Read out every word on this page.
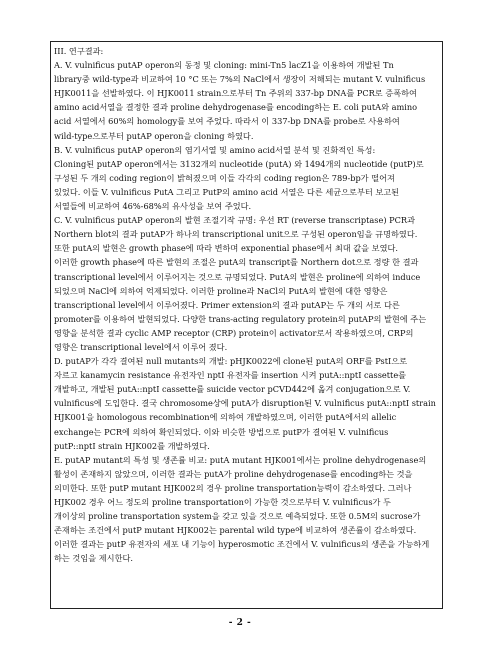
III. 연구결과:
A. V. vulnificus putAP operon의 동정 및 cloning: mini-Tn5 lacZ1을 이용하여 개발된 Tn
library중 wild-type과 비교하여 10 °C 또는 7%의 NaCl에서 생장이 저해되는 mutant V. vulnificus
HJK0011을 선발하였다. 이 HJK0011 strain으로부터 Tn 주위의 337-bp DNA를 PCR로 증폭하여
amino acid서열을 결정한 결과 proline dehydrogenase를 encoding하는 E. coli putA와 amino
acid 서열에서 60%의 homology를 보여 주었다. 따라서 이 337-bp DNA를 probe로 사용하여
wild-type으로부터 putAP operon을 cloning 하였다.
B. V. vulnificus putAP operon의 염기서열 및 amino acid서열 분석 및 진화적인 특성:
Cloning된 putAP operon에서는 3132개의 nucleotide (putA) 와 1494개의 nucleotide (putP)로
구성된 두 개의 coding region이 밝혀졌으며 이들 각각의 coding region은 789-bp가 떨어져
있었다. 이들 V. vulnificus PutA 그리고 PutP의 amino acid 서열은 다른 세균으로부터 보고된
서열들에 비교하여 46%-68%의 유사성을 보여 주었다.
C. V. vulnificus putAP operon의 발현 조절기작 규명: 우선 RT (reverse transcriptase) PCR과
Northern blot의 결과 putAP가 하나의 transcriptional unit으로 구성된 operon임을 규명하였다.
또한 putA의 발현은 growth phase에 따라 변하며 exponential phase에서 최대 값을 보였다.
이러한 growth phase에 따른 발현의 조절은 putA의 transcript를 Northern dot으로 정량 한 결과
transcriptional level에서 이루어지는 것으로 규명되었다. PutA의 발현은 proline에 의하여 induce
되었으며 NaCl에 의하여 억제되었다. 이러한 proline과 NaCl의 PutA의 발현에 대한 영향은
transcriptional level에서 이루어졌다. Primer extension의 결과 putAP는 두 개의 서로 다른
promoter를 이용하여 발현되었다. 다양한 trans-acting regulatory protein의 putAP의 발현에 주는
영향을 분석한 결과 cyclic AMP receptor (CRP) protein이 activator로서 작용하였으며, CRP의
영향은 transcriptional level에서 이루어 졌다.
D. putAP가 각각 결여된 null mutants의 개발: pHJK0022에 clone된 putA의 ORF를 PstI으로
자르고 kanamycin resistance 유전자인 nptI 유전자를 insertion 시켜 putA::nptI cassette를
개발하고, 개발된 putA::nptI cassette를 suicide vector pCVD442에 옮겨 conjugation으로 V.
vulnificus에 도입한다. 결국 chromosome상에 putA가 disruption된 V. vulnificus putA::nptI strain
HJK001을 homologous recombination에 의하여 개발하였으며, 이러한 putA에서의 allelic
exchange는 PCR에 의하여 확인되었다. 이와 비슷한 방법으로 putP가 결여된 V. vulnificus
putP::nptI strain HJK002를 개발하였다.
E. putAP mutant의 특성 및 생존률 비교: putA mutant HJK001에서는 proline dehydrogenase의
활성이 존재하지 않았으며, 이러한 결과는 putA가 proline dehydrogenase를 encoding하는 것을
의미한다. 또한 putP mutant HJK002의 경우 proline transportation능력이 감소하였다. 그러나
HJK002 경우 어느 정도의 proline transportation이 가능한 것으로부터 V. vulnificus가 두
개이상의 proline transportation system을 갖고 있을 것으로 예측되었다. 또한 0.5M의 sucrose가
존재하는 조건에서 putP mutant HJK002는 parental wild type에 비교하여 생존률이 감소하였다.
이러한 결과는 putP 유전자의 세포 내 기능이 hyperosmotic 조건에서 V. vulnificus의 생존을 가능하게
하는 것임을 제시한다.
- 2 -
